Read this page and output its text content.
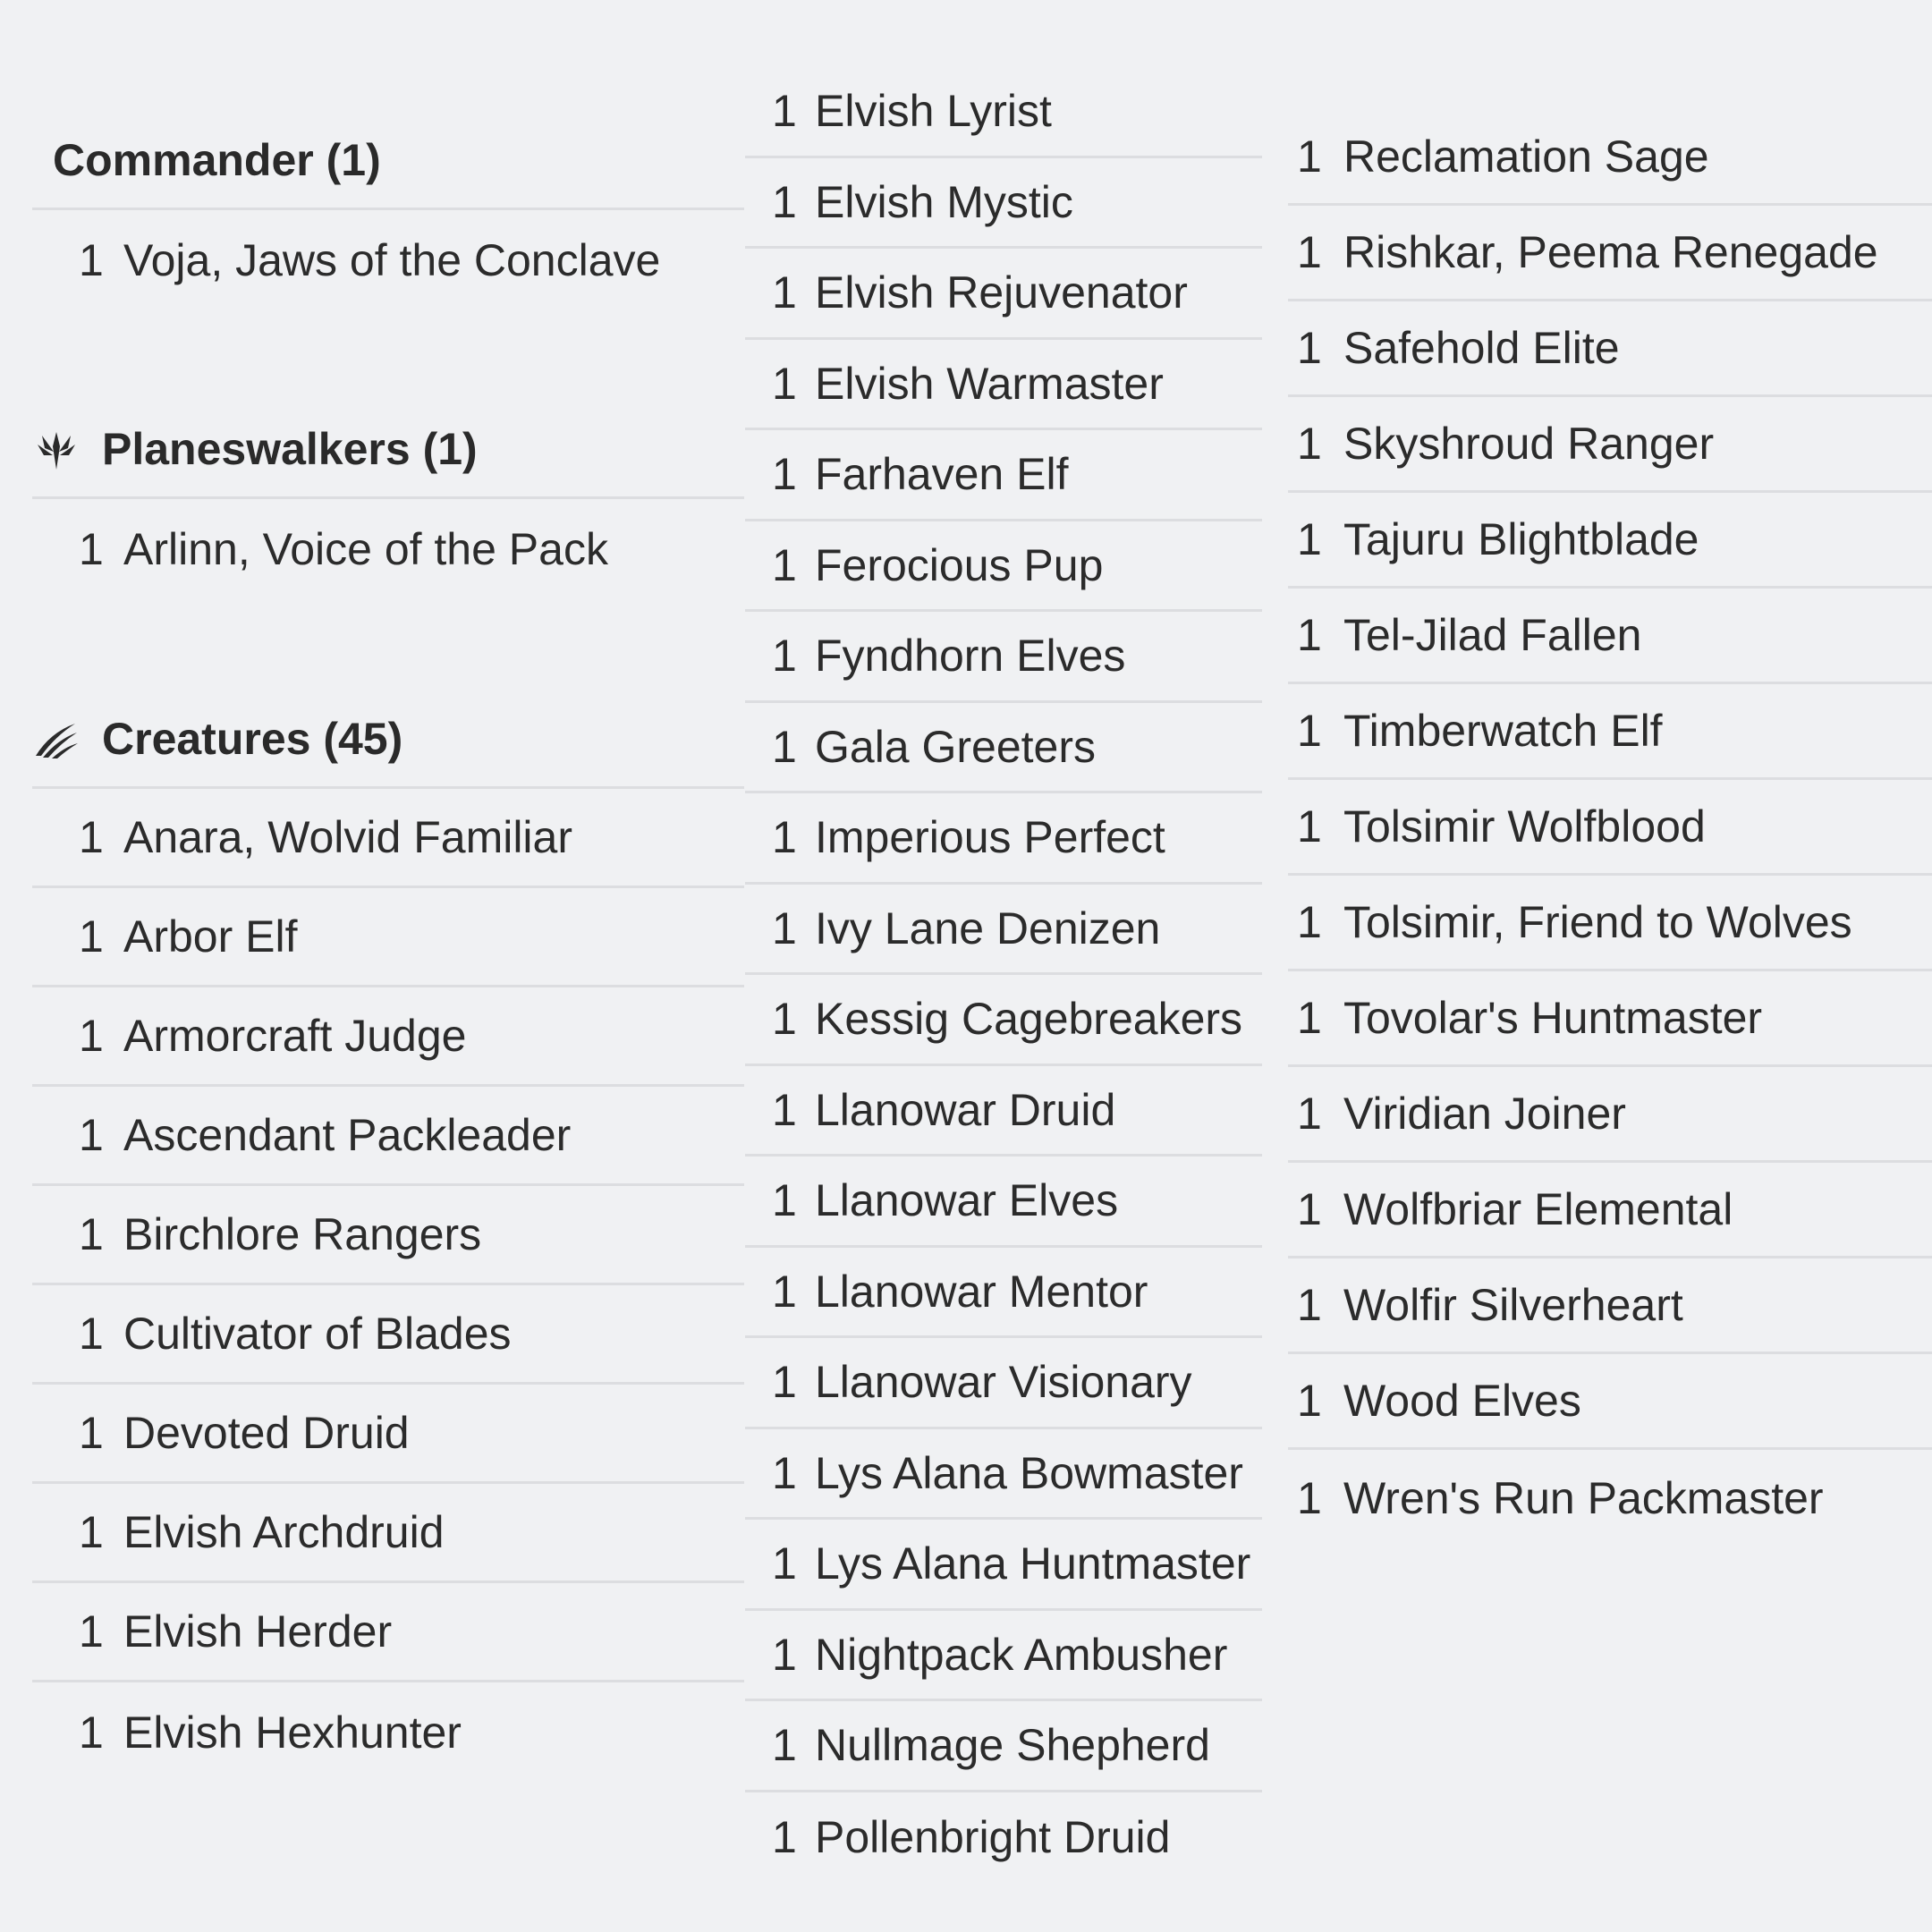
Commander (1)
1 Voja, Jaws of the Conclave
Planeswalkers (1)
1 Arlinn, Voice of the Pack
Creatures (45)
1 Anara, Wolvid Familiar
1 Arbor Elf
1 Armorcraft Judge
1 Ascendant Packleader
1 Birchlore Rangers
1 Cultivator of Blades
1 Devoted Druid
1 Elvish Archdruid
1 Elvish Herder
1 Elvish Hexhunter
1 Elvish Lyrist
1 Elvish Mystic
1 Elvish Rejuvenator
1 Elvish Warmaster
1 Farhaven Elf
1 Ferocious Pup
1 Fyndhorn Elves
1 Gala Greeters
1 Imperious Perfect
1 Ivy Lane Denizen
1 Kessig Cagebreakers
1 Llanowar Druid
1 Llanowar Elves
1 Llanowar Mentor
1 Llanowar Visionary
1 Lys Alana Bowmaster
1 Lys Alana Huntmaster
1 Nightpack Ambusher
1 Nullmage Shepherd
1 Pollenbright Druid
1 Reclamation Sage
1 Rishkar, Peema Renegade
1 Safehold Elite
1 Skyshroud Ranger
1 Tajuru Blightblade
1 Tel-Jilad Fallen
1 Timberwatch Elf
1 Tolsimir Wolfblood
1 Tolsimir, Friend to Wolves
1 Tovolar's Huntmaster
1 Viridian Joiner
1 Wolfbriar Elemental
1 Wolfir Silverheart
1 Wood Elves
1 Wren's Run Packmaster
